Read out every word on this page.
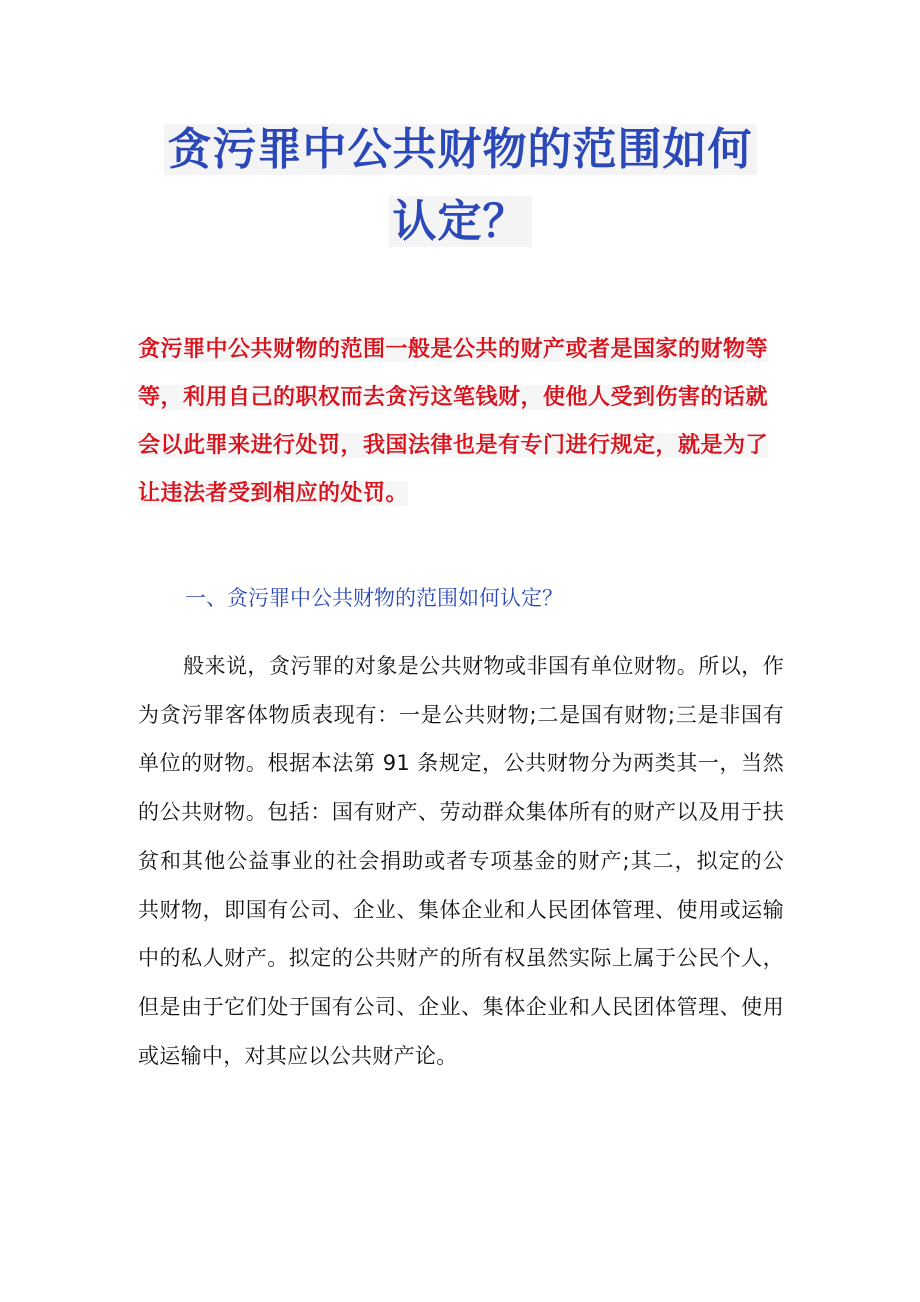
贪污罪中公共财物的范围如何
认定？
贪污罪中公共财物的范围一般是公共的财产或者是国家的财物等等，利用自己的职权而去贪污这笔钱财，使他人受到伤害的话就会以此罪来进行处罚，我国法律也是有专门进行规定，就是为了让违法者受到相应的处罚。
一、贪污罪中公共财物的范围如何认定？
般来说，贪污罪的对象是公共财物或非国有单位财物。所以，作为贪污罪客体物质表现有：一是公共财物;二是国有财物;三是非国有单位的财物。根据本法第 91 条规定，公共财物分为两类其一，当然的公共财物。包括：国有财产、劳动群众集体所有的财产以及用于扶贫和其他公益事业的社会捐助或者专项基金的财产;其二，拟定的公共财物，即国有公司、企业、集体企业和人民团体管理、使用或运输中的私人财产。拟定的公共财产的所有权虽然实际上属于公民个人，但是由于它们处于国有公司、企业、集体企业和人民团体管理、使用或运输中，对其应以公共财产论。
